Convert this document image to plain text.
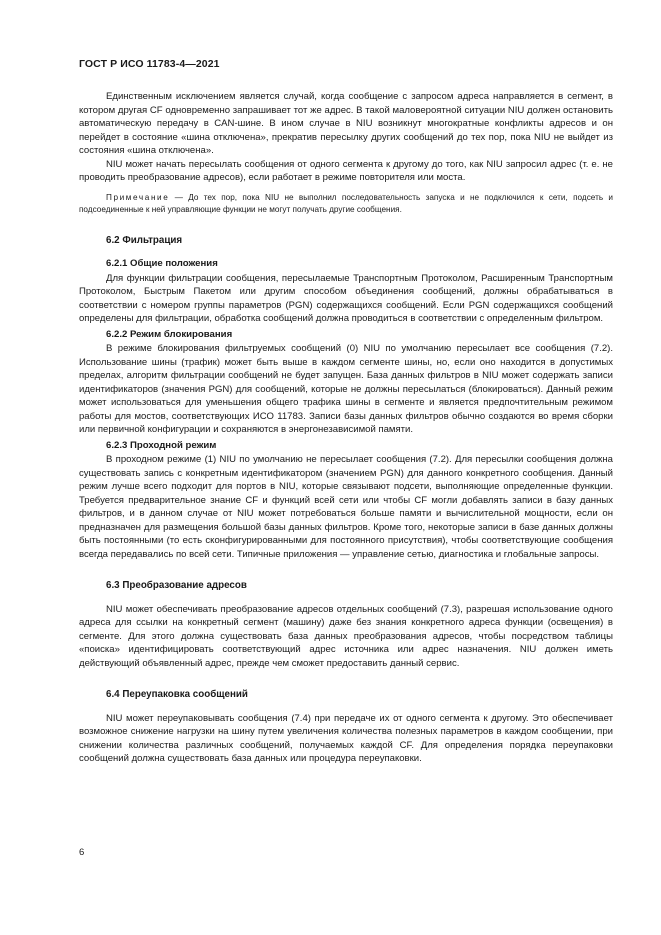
ГОСТ Р ИСО 11783-4—2021

Единственным исключением является случай, когда сообщение с запросом адреса направляется в сегмент, в котором другая CF одновременно запрашивает тот же адрес. В такой маловероятной ситуации NIU должен остановить автоматическую передачу в CAN-шине. В ином случае в NIU возникнут многократные конфликты адресов и он перейдет в состояние «шина отключена», прекратив пересылку других сообщений до тех пор, пока NIU не выйдет из состояния «шина отключена».

NIU может начать пересылать сообщения от одного сегмента к другому до того, как NIU запросил адрес (т. е. не проводить преобразование адресов), если работает в режиме повторителя или моста.

Примечание — До тех пор, пока NIU не выполнил последовательность запуска и не подключился к сети, подсеть и подсоединенные к ней управляющие функции не могут получать другие сообщения.

6.2 Фильтрация
6.2.1 Общие положения

Для функции фильтрации сообщения, пересылаемые Транспортным Протоколом, Расширенным Транспортным Протоколом, Быстрым Пакетом или другим способом объединения сообщений, должны обрабатываться в соответствии с номером группы параметров (PGN) содержащихся сообщений. Если PGN содержащихся сообщений определены для фильтрации, обработка сообщений должна проводиться в соответствии с определенным фильтром.

6.2.2 Режим блокирования

В режиме блокирования фильтруемых сообщений (0) NIU по умолчанию пересылает все сообщения (7.2). Использование шины (трафик) может быть выше в каждом сегменте шины, но, если оно находится в допустимых пределах, алгоритм фильтрации сообщений не будет запущен. База данных фильтров в NIU может содержать записи идентификаторов (значения PGN) для сообщений, которые не должны пересылаться (блокироваться). Данный режим может использоваться для уменьшения общего трафика шины в сегменте и является предпочтительным режимом работы для мостов, соответствующих ИСО 11783. Записи базы данных фильтров обычно создаются во время сборки или первичной конфигурации и сохраняются в энергонезависимой памяти.

6.2.3 Проходной режим

В проходном режиме (1) NIU по умолчанию не пересылает сообщения (7.2). Для пересылки сообщения должна существовать запись с конкретным идентификатором (значением PGN) для данного конкретного сообщения. Данный режим лучше всего подходит для портов в NIU, которые связывают подсети, выполняющие определенные функции. Требуется предварительное знание CF и функций всей сети или чтобы CF могли добавлять записи в базу данных фильтров, и в данном случае от NIU может потребоваться больше памяти и вычислительной мощности, если он предназначен для размещения большой базы данных фильтров. Кроме того, некоторые записи в базе данных должны быть постоянными (то есть сконфигурированными для постоянного присутствия), чтобы соответствующие сообщения всегда передавались по всей сети. Типичные приложения — управление сетью, диагностика и глобальные запросы.

6.3 Преобразование адресов

NIU может обеспечивать преобразование адресов отдельных сообщений (7.3), разрешая использование одного адреса для ссылки на конкретный сегмент (машину) даже без знания конкретного адреса функции (освещения) в сегменте. Для этого должна существовать база данных преобразования адресов, чтобы посредством таблицы «поиска» идентифицировать соответствующий адрес источника или адрес назначения. NIU должен иметь действующий объявленный адрес, прежде чем сможет предоставить данный сервис.

6.4 Переупаковка сообщений

NIU может переупаковывать сообщения (7.4) при передаче их от одного сегмента к другому. Это обеспечивает возможное снижение нагрузки на шину путем увеличения количества полезных параметров в каждом сообщении, при снижении количества различных сообщений, получаемых каждой CF. Для определения порядка переупаковки сообщений должна существовать база данных или процедура переупаковки.

6
